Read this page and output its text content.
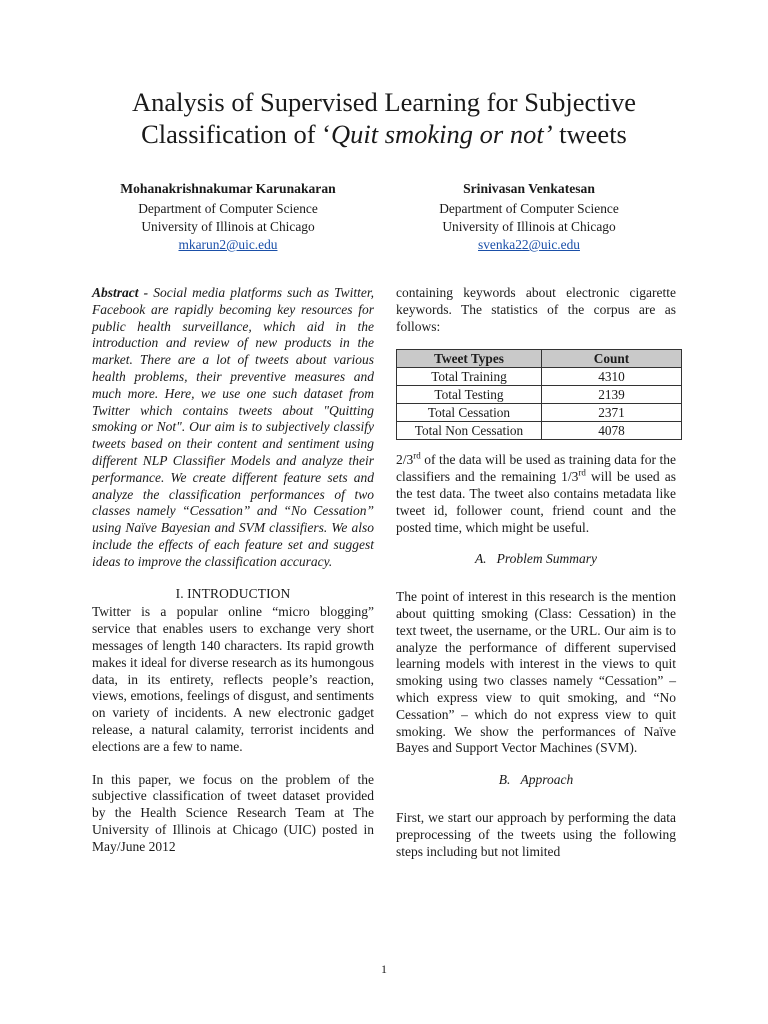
Analysis of Supervised Learning for Subjective
Classification of ‘Quit smoking or not’ tweets
Mohanakrishnakumar Karunakaran
Department of Computer Science
University of Illinois at Chicago
mkarun2@uic.edu
Srinivasan Venkatesan
Department of Computer Science
University of Illinois at Chicago
svenka22@uic.edu

Abstract - Social media platforms such as Twitter, Facebook are rapidly becoming key resources for public health surveillance, which aid in the introduction and review of new products in the market. There are a lot of tweets about various health problems, their preventive measures and much more. Here, we use one such dataset from Twitter which contains tweets about "Quitting smoking or Not". Our aim is to subjectively classify tweets based on their content and sentiment using different NLP Classifier Models and analyze their performance. We create different feature sets and analyze the classification performances of two classes namely “Cessation” and “No Cessation” using Naïve Bayesian and SVM classifiers. We also include the effects of each feature set and suggest ideas to improve the classification accuracy.

I. INTRODUCTION

Twitter is a popular online “micro blogging” service that enables users to exchange very short messages of length 140 characters. Its rapid growth makes it ideal for diverse research as its humongous data, in its entirety, reflects people’s reaction, views, emotions, feelings of disgust, and sentiments on variety of incidents. A new electronic gadget release, a natural calamity, terrorist incidents and elections are a few to name.

In this paper, we focus on the problem of the subjective classification of tweet dataset provided by the Health Science Research Team at The University of Illinois at Chicago (UIC) posted in May/June 2012

containing keywords about electronic cigarette keywords. The statistics of the corpus are as follows:

Tweet Types	Count
Total Training	4310
Total Testing	2139
Total Cessation	2371
Total Non Cessation	4078

2/3rd of the data will be used as training data for the classifiers and the remaining 1/3rd will be used as the test data. The tweet also contains metadata like tweet id, follower count, friend count and the posted time, which might be useful.

A.   Problem Summary

The point of interest in this research is the mention about quitting smoking (Class: Cessation) in the text tweet, the username, or the URL. Our aim is to analyze the performance of different supervised learning models with interest in the views to quit smoking using two classes namely “Cessation” – which express view to quit smoking, and “No Cessation” – which do not express view to quit smoking. We show the performances of Naïve Bayes and Support Vector Machines (SVM).

B.   Approach

First, we start our approach by performing the data preprocessing of the tweets using the following steps including but not limited

1
